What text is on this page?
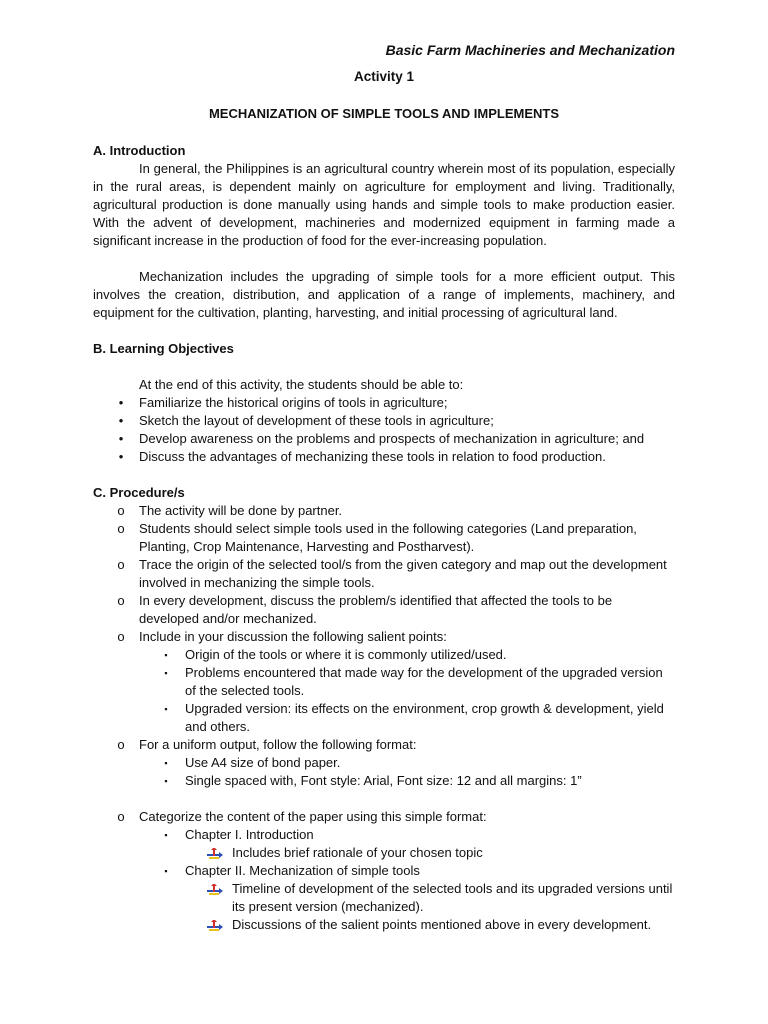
Basic Farm Machineries and Mechanization
Activity 1
MECHANIZATION OF SIMPLE TOOLS AND IMPLEMENTS
A. Introduction

In general, the Philippines is an agricultural country wherein most of its population, especially in the rural areas, is dependent mainly on agriculture for employment and living. Traditionally, agricultural production is done manually using hands and simple tools to make production easier. With the advent of development, machineries and modernized equipment in farming made a significant increase in the production of food for the ever-increasing population.

Mechanization includes the upgrading of simple tools for a more efficient output. This involves the creation, distribution, and application of a range of implements, machinery, and equipment for the cultivation, planting, harvesting, and initial processing of agricultural land.

B. Learning Objectives

At the end of this activity, the students should be able to:

•	Familiarize the historical origins of tools in agriculture;
•	Sketch the layout of development of these tools in agriculture;
•	Develop awareness on the problems and prospects of mechanization in agriculture; and
•	Discuss the advantages of mechanizing these tools in relation to food production.
C. Procedure/s
o	The activity will be done by partner.
o	Students should select simple tools used in the following categories (Land preparation, Planting, Crop Maintenance, Harvesting and Postharvest).
o	Trace the origin of the selected tool/s from the given category and map out the development involved in mechanizing the simple tools.
o	In every development, discuss the problem/s identified that affected the tools to be developed and/or mechanized.
o	Include in your discussion the following salient points:
▪	Origin of the tools or where it is commonly utilized/used.
▪	Problems encountered that made way for the development of the upgraded version of the selected tools.
▪	Upgraded version: its effects on the environment, crop growth & development, yield and others.
o	For a uniform output, follow the following format:
▪	Use A4 size of bond paper.
▪	Single spaced with, Font style: Arial, Font size: 12 and all margins: 1”
o	Categorize the content of the paper using this simple format:
▪	Chapter I. Introduction
Includes brief rationale of your chosen topic
▪	Chapter II. Mechanization of simple tools
Timeline of development of the selected tools and its upgraded versions until its present version (mechanized).
Discussions of the salient points mentioned above in every development.
